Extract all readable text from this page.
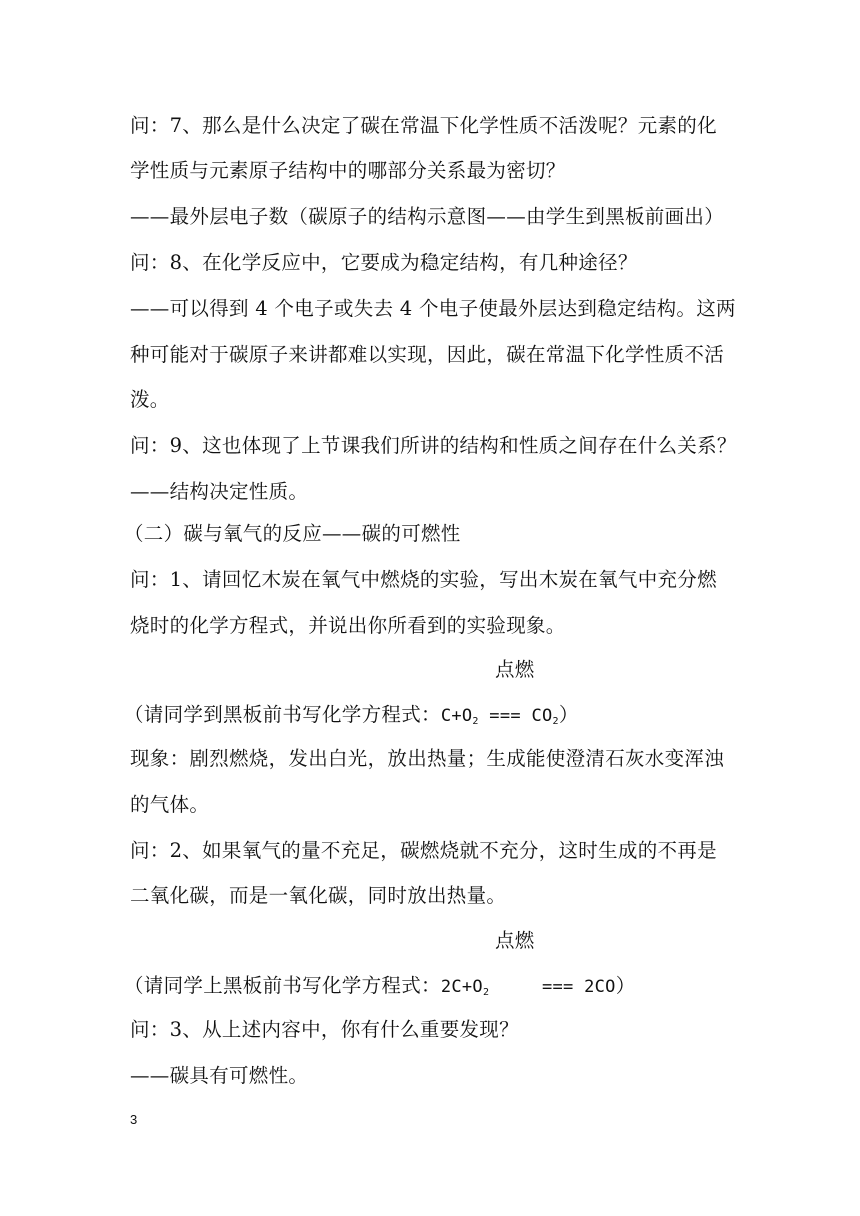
问：7、那么是什么决定了碳在常温下化学性质不活泼呢？元素的化
学性质与元素原子结构中的哪部分关系最为密切？
——最外层电子数（碳原子的结构示意图——由学生到黑板前画出）
问：8、在化学反应中，它要成为稳定结构，有几种途径？
——可以得到 4 个电子或失去 4 个电子使最外层达到稳定结构。这两
种可能对于碳原子来讲都难以实现，因此，碳在常温下化学性质不活
泼。
问：9、这也体现了上节课我们所讲的结构和性质之间存在什么关系？
——结构决定性质。
（二）碳与氧气的反应——碳的可燃性
问：1、请回忆木炭在氧气中燃烧的实验，写出木炭在氧气中充分燃
烧时的化学方程式，并说出你所看到的实验现象。
点燃
（请同学到黑板前书写化学方程式：$C+O_2$ === $CO_2$）
现象：剧烈燃烧，发出白光，放出热量；生成能使澄清石灰水变浑浊
的气体。
问：2、如果氧气的量不充足，碳燃烧就不充分，这时生成的不再是
二氧化碳，而是一氧化碳，同时放出热量。
点燃
（请同学上黑板前书写化学方程式：$2C+O_2$     === 2CO）
问：3、从上述内容中，你有什么重要发现？
——碳具有可燃性。
3
